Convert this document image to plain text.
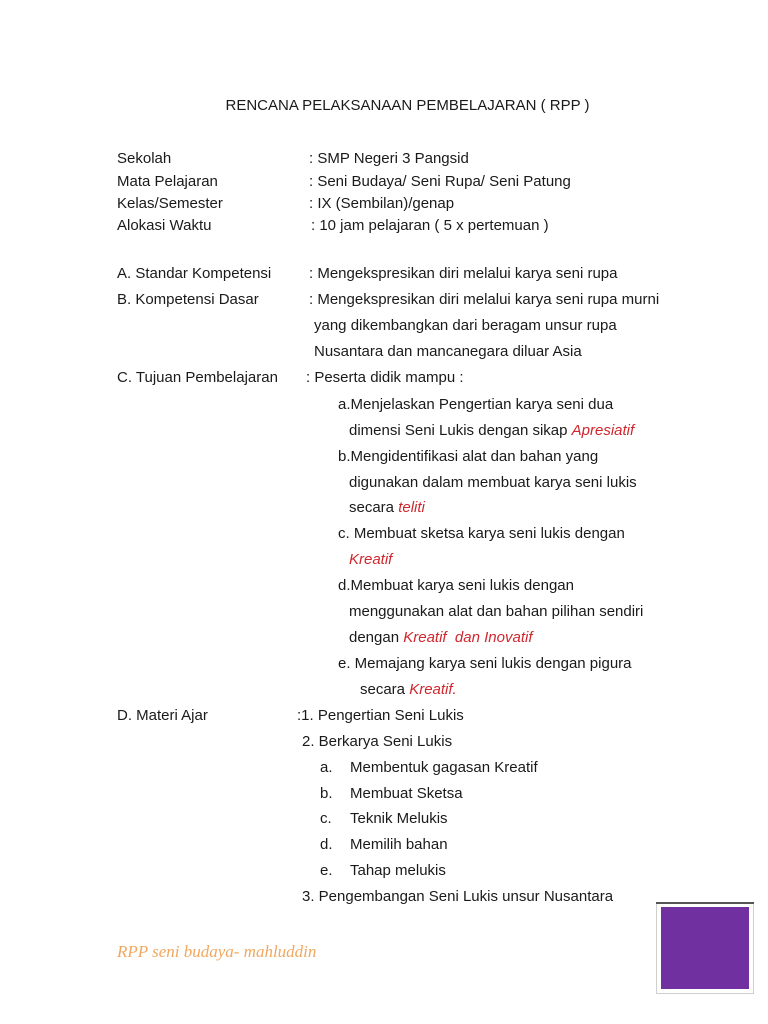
RENCANA PELAKSANAAN PEMBELAJARAN ( RPP )
Sekolah	: SMP Negeri 3 Pangsid
Mata Pelajaran	: Seni Budaya/ Seni Rupa/ Seni Patung
Kelas/Semester	: IX (Sembilan)/genap
Alokasi Waktu	: 10 jam pelajaran ( 5 x pertemuan )
A. Standar Kompetensi	: Mengekspresikan diri melalui karya seni rupa
B. Kompetensi Dasar	: Mengekspresikan diri melalui karya seni rupa murni
yang dikembangkan dari beragam unsur rupa
Nusantara dan mancanegara diluar Asia
C. Tujuan Pembelajaran : Peserta didik mampu :
a.Menjelaskan Pengertian karya seni dua
dimensi Seni Lukis dengan sikap Apresiatif
b.Mengidentifikasi alat dan bahan yang
digunakan dalam membuat karya seni lukis
secara teliti
c. Membuat sketsa karya seni lukis dengan
Kreatif
d.Membuat karya seni lukis dengan
menggunakan alat dan bahan pilihan sendiri
dengan Kreatif  dan Inovatif
e. Memajang karya seni lukis dengan pigura
secara Kreatif.
D. Materi Ajar	:1. Pengertian Seni Lukis
2. Berkarya Seni Lukis
a. Membentuk gagasan Kreatif
b. Membuat Sketsa
c. Teknik Melukis
d. Memilih bahan
e. Tahap melukis
3. Pengembangan Seni Lukis unsur Nusantara
RPP seni budaya- mahluddin
